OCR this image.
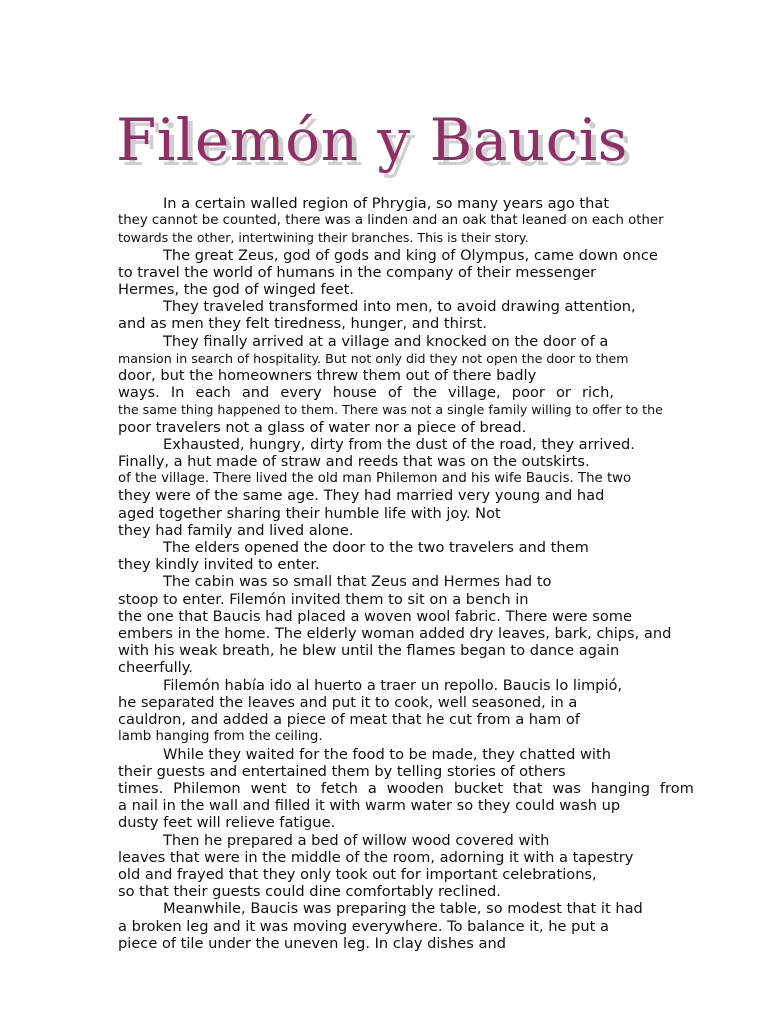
Filemón y Baucis
In a certain walled region of Phrygia, so many years ago that
they cannot be counted, there was a linden and an oak that leaned on each other
towards the other, intertwining their branches. This is their story.
The great Zeus, god of gods and king of Olympus, came down once
to travel the world of humans in the company of their messenger
Hermes, the god of winged feet.
They traveled transformed into men, to avoid drawing attention,
and as men they felt tiredness, hunger, and thirst.
They finally arrived at a village and knocked on the door of a
mansion in search of hospitality. But not only did they not open the door to them
door, but the homeowners threw them out of there badly
ways. In each and every house of the village, poor or rich,
the same thing happened to them. There was not a single family willing to offer to the
poor travelers not a glass of water nor a piece of bread.
Exhausted, hungry, dirty from the dust of the road, they arrived.
Finally, a hut made of straw and reeds that was on the outskirts.
of the village. There lived the old man Philemon and his wife Baucis. The two
they were of the same age. They had married very young and had
aged together sharing their humble life with joy. Not
they had family and lived alone.
The elders opened the door to the two travelers and them
they kindly invited to enter.
The cabin was so small that Zeus and Hermes had to
stoop to enter. Filemón invited them to sit on a bench in
the one that Baucis had placed a woven wool fabric. There were some
embers in the home. The elderly woman added dry leaves, bark, chips, and
with his weak breath, he blew until the flames began to dance again
cheerfully.
Filemón había ido al huerto a traer un repollo. Baucis lo limpió,
he separated the leaves and put it to cook, well seasoned, in a
cauldron, and added a piece of meat that he cut from a ham of
lamb hanging from the ceiling.
While they waited for the food to be made, they chatted with
their guests and entertained them by telling stories of others
times. Philemon went to fetch a wooden bucket that was hanging from
a nail in the wall and filled it with warm water so they could wash up
dusty feet will relieve fatigue.
Then he prepared a bed of willow wood covered with
leaves that were in the middle of the room, adorning it with a tapestry
old and frayed that they only took out for important celebrations,
so that their guests could dine comfortably reclined.
Meanwhile, Baucis was preparing the table, so modest that it had
a broken leg and it was moving everywhere. To balance it, he put a
piece of tile under the uneven leg. In clay dishes and
